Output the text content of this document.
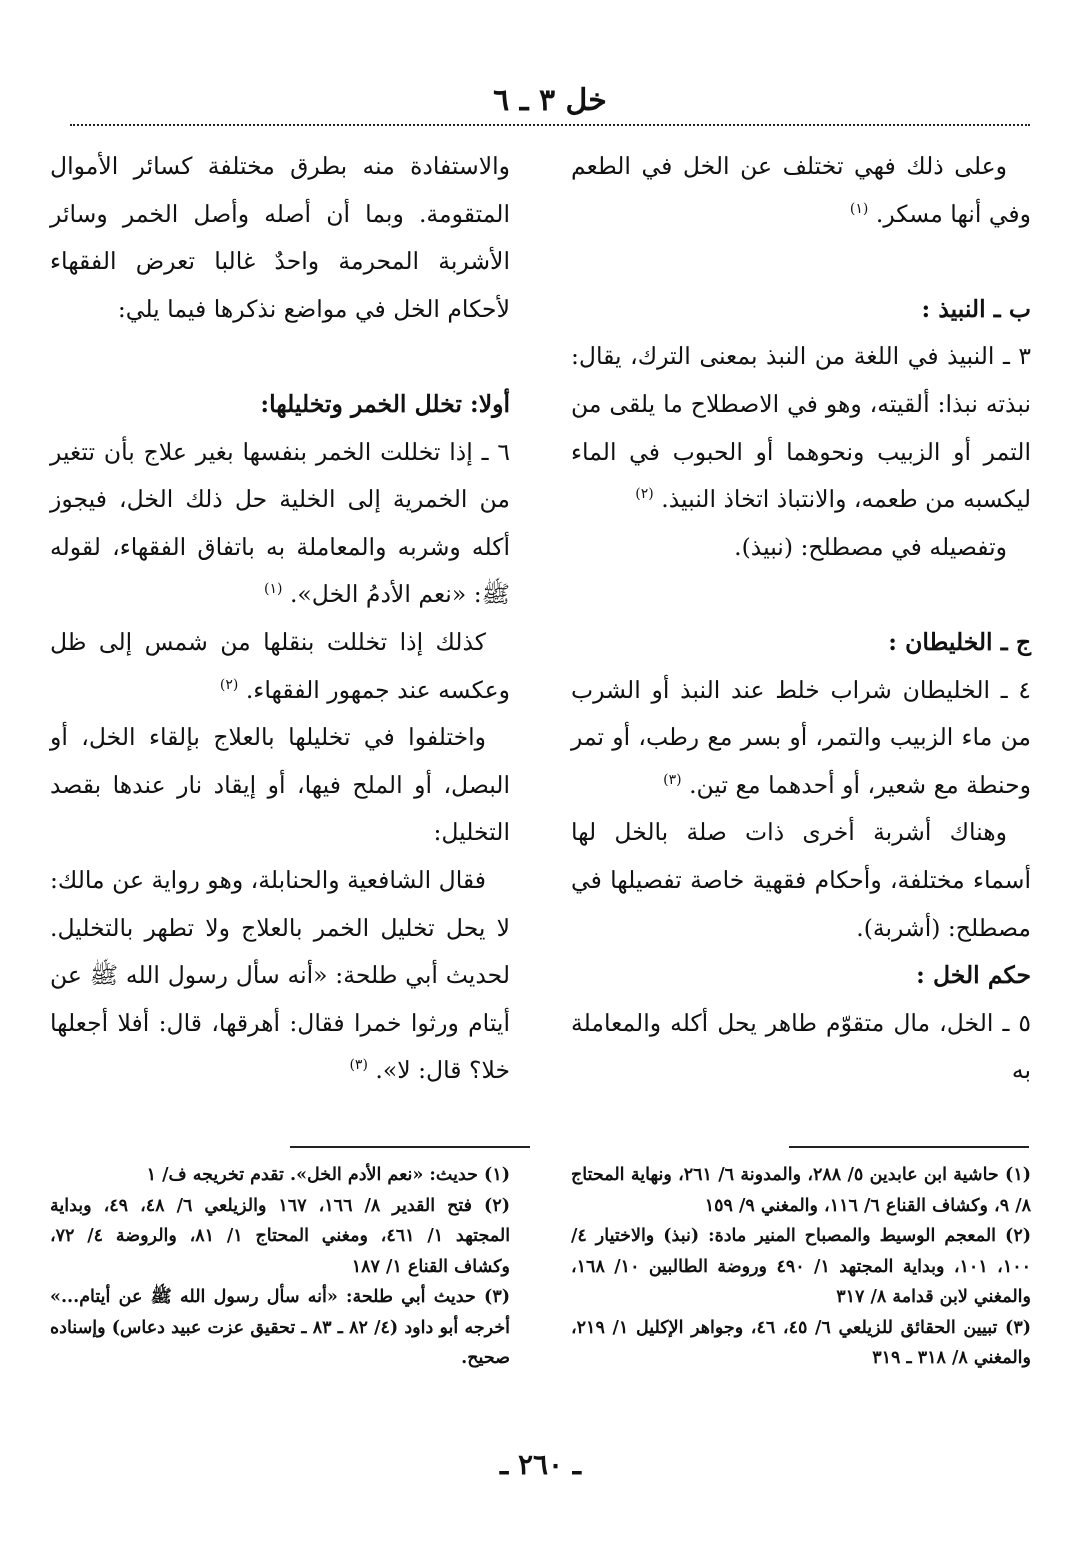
خل ٣ ـ ٦

وعلى ذلك فهي تختلف عن الخل في الطعم وفي أنها مسكر. $^{(١)}$

ب ـ النبيذ :

٣ ـ النبيذ في اللغة من النبذ بمعنى الترك، يقال: نبذته نبذا: ألقيته، وهو في الاصطلاح ما يلقى من التمر أو الزبيب ونحوهما أو الحبوب في الماء ليكسبه من طعمه، والانتباذ اتخاذ النبيذ. $^{(٢)}$

وتفصيله في مصطلح: (نبيذ).

ج ـ الخليطان :

٤ ـ الخليطان شراب خلط عند النبذ أو الشرب من ماء الزبيب والتمر، أو بسر مع رطب، أو تمر وحنطة مع شعير، أو أحدهما مع تين. $^{(٣)}$

وهناك أشربة أخرى ذات صلة بالخل لها أسماء مختلفة، وأحكام فقهية خاصة تفصيلها في مصطلح: (أشربة).

حكم الخل :

٥ ـ الخل، مال متقوّم طاهر يحل أكله والمعاملة به

والاستفادة منه بطرق مختلفة كسائر الأموال المتقومة. وبما أن أصله وأصل الخمر وسائر الأشربة المحرمة واحدٌ غالبا تعرض الفقهاء لأحكام الخل في مواضع نذكرها فيما يلي:

أولا: تخلل الخمر وتخليلها:

٦ ـ إذا تخللت الخمر بنفسها بغير علاج بأن تتغير من الخمرية إلى الخلية حل ذلك الخل، فيجوز أكله وشربه والمعاملة به باتفاق الفقهاء، لقوله ﷺ: «نعم الأدمُ الخل». $^{(١)}$

كذلك إذا تخللت بنقلها من شمس إلى ظل وعكسه عند جمهور الفقهاء. $^{(٢)}$

واختلفوا في تخليلها بالعلاج بإلقاء الخل، أو البصل، أو الملح فيها، أو إيقاد نار عندها بقصد التخليل:

فقال الشافعية والحنابلة، وهو رواية عن مالك: لا يحل تخليل الخمر بالعلاج ولا تطهر بالتخليل. لحديث أبي طلحة: «أنه سأل رسول الله ﷺ عن أيتام ورثوا خمرا فقال: أهرقها، قال: أفلا أجعلها خلا؟ قال: لا». $^{(٣)}$

(١) حاشية ابن عابدين ٥/ ٢٨٨، والمدونة ٦/ ٢٦١، ونهاية المحتاج ٨/ ٩، وكشاف القناع ٦/ ١١٦، والمغني ٩/ ١٥٩

(٢) المعجم الوسيط والمصباح المنير مادة: (نبذ) والاختيار ٤/ ١٠٠، ١٠١، وبداية المجتهد ١/ ٤٩٠ وروضة الطالبين ١٠/ ١٦٨، والمغني لابن قدامة ٨/ ٣١٧

(٣) تبيين الحقائق للزيلعي ٦/ ٤٥، ٤٦، وجواهر الإكليل ١/ ٢١٩، والمغني ٨/ ٣١٨ ـ ٣١٩

(١) حديث: «نعم الأدم الخل». تقدم تخريجه ف/ ١

(٢) فتح القدير ٨/ ١٦٦، ١٦٧ والزيلعي ٦/ ٤٨، ٤٩، وبداية المجتهد ١/ ٤٦١، ومغني المحتاج ١/ ٨١، والروضة ٤/ ٧٢، وكشاف القناع ١/ ١٨٧

(٣) حديث أبي طلحة: «أنه سأل رسول الله ﷺ عن أيتام...» أخرجه أبو داود (٤/ ٨٢ ـ ٨٣ ـ تحقيق عزت عبيد دعاس) وإسناده صحيح.

ـ ٢٦٠ ـ
